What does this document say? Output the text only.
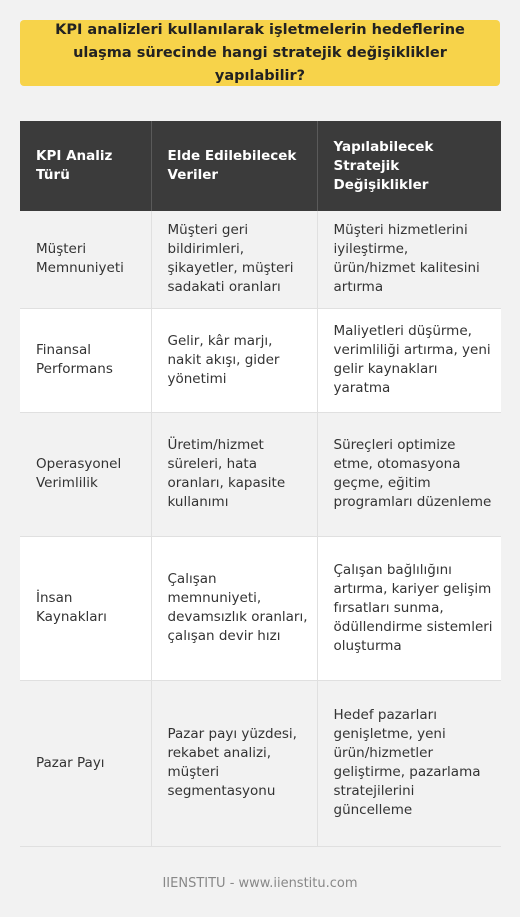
KPI analizleri kullanılarak işletmelerin hedeflerine ulaşma sürecinde hangi stratejik değişiklikler yapılabilir?
KPI Analiz Türü	Elde Edilebilecek Veriler	Yapılabilecek Stratejik Değişiklikler
Müşteri Memnuniyeti	Müşteri geri bildirimleri, şikayetler, müşteri sadakati oranları	Müşteri hizmetlerini iyileştirme, ürün/hizmet kalitesini artırma
Finansal Performans	Gelir, kâr marjı, nakit akışı, gider yönetimi	Maliyetleri düşürme, verimliliği artırma, yeni gelir kaynakları yaratma
Operasyonel Verimlilik	Üretim/hizmet süreleri, hata oranları, kapasite kullanımı	Süreçleri optimize etme, otomasyona geçme, eğitim programları düzenleme
İnsan Kaynakları	Çalışan memnuniyeti, devamsızlık oranları, çalışan devir hızı	Çalışan bağlılığını artırma, kariyer gelişim fırsatları sunma, ödüllendirme sistemleri oluşturma
Pazar Payı	Pazar payı yüzdesi, rekabet analizi, müşteri segmentasyonu	Hedef pazarları genişletme, yeni ürün/hizmetler geliştirme, pazarlama stratejilerini güncelleme
IIENSTITU - www.iienstitu.com
